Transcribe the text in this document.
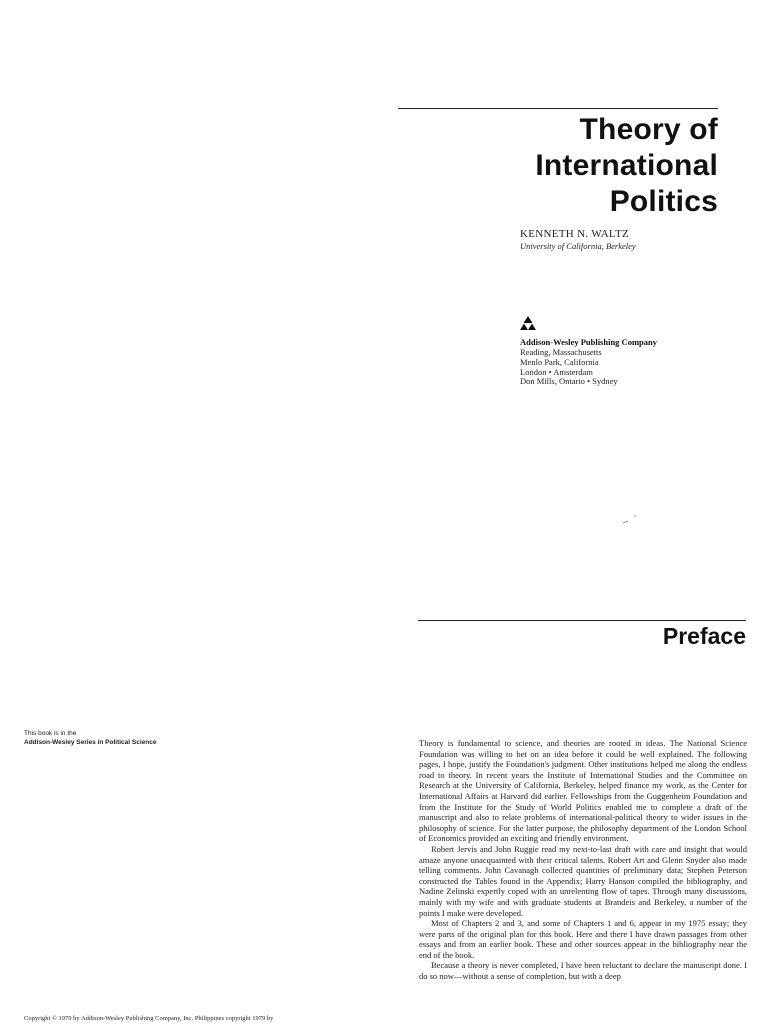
Theory of
International
Politics
KENNETH N. WALTZ
University of California, Berkeley
Addison-Wesley Publishing Company
Reading, Massachusetts
Menlo Park, California
London • Amsterdam
Don Mills, Ontario • Sydney
This book is in the
Addison-Wesley Series in Political Science
Copyright © 1979 by Addison-Wesley Publishing Company, Inc. Philippines copyright 1979 by
Preface

Theory is fundamental to science, and theories are rooted in ideas. The National Science Foundation was willing to bet on an idea before it could be well explained. The following pages, I hope, justify the Foundation's judgment. Other institutions helped me along the endless road to theory. In recent years the Institute of International Studies and the Committee on Research at the University of California, Berkeley, helped finance my work, as the Center for International Affairs at Harvard did earlier. Fellowships from the Guggenheim Foundation and from the Institute for the Study of World Politics enabled me to complete a draft of the manuscript and also to relate problems of international-political theory to wider issues in the philosophy of science. For the latter purpose, the philosophy department of the London School of Economics provided an exciting and friendly environment.

Robert Jervis and John Ruggie read my next-to-last draft with care and insight that would amaze anyone unacquainted with their critical talents. Robert Art and Glenn Snyder also made telling comments. John Cavanagh collected quantities of preliminary data; Stephen Peterson constructed the Tables found in the Appendix; Harry Hanson compiled the bibliography, and Nadine Zelinski expertly coped with an unrelenting flow of tapes. Through many discussions, mainly with my wife and with graduate students at Brandeis and Berkeley, a number of the points I make were developed.

Most of Chapters 2 and 3, and some of Chapters 1 and 6, appear in my 1975 essay; they were parts of the original plan for this book. Here and there I have drawn passages from other essays and from an earlier book. These and other sources appear in the bibliography near the end of the book.

Because a theory is never completed, I have been reluctant to declare the manuscript done. I do so now—without a sense of completion, but with a deep
